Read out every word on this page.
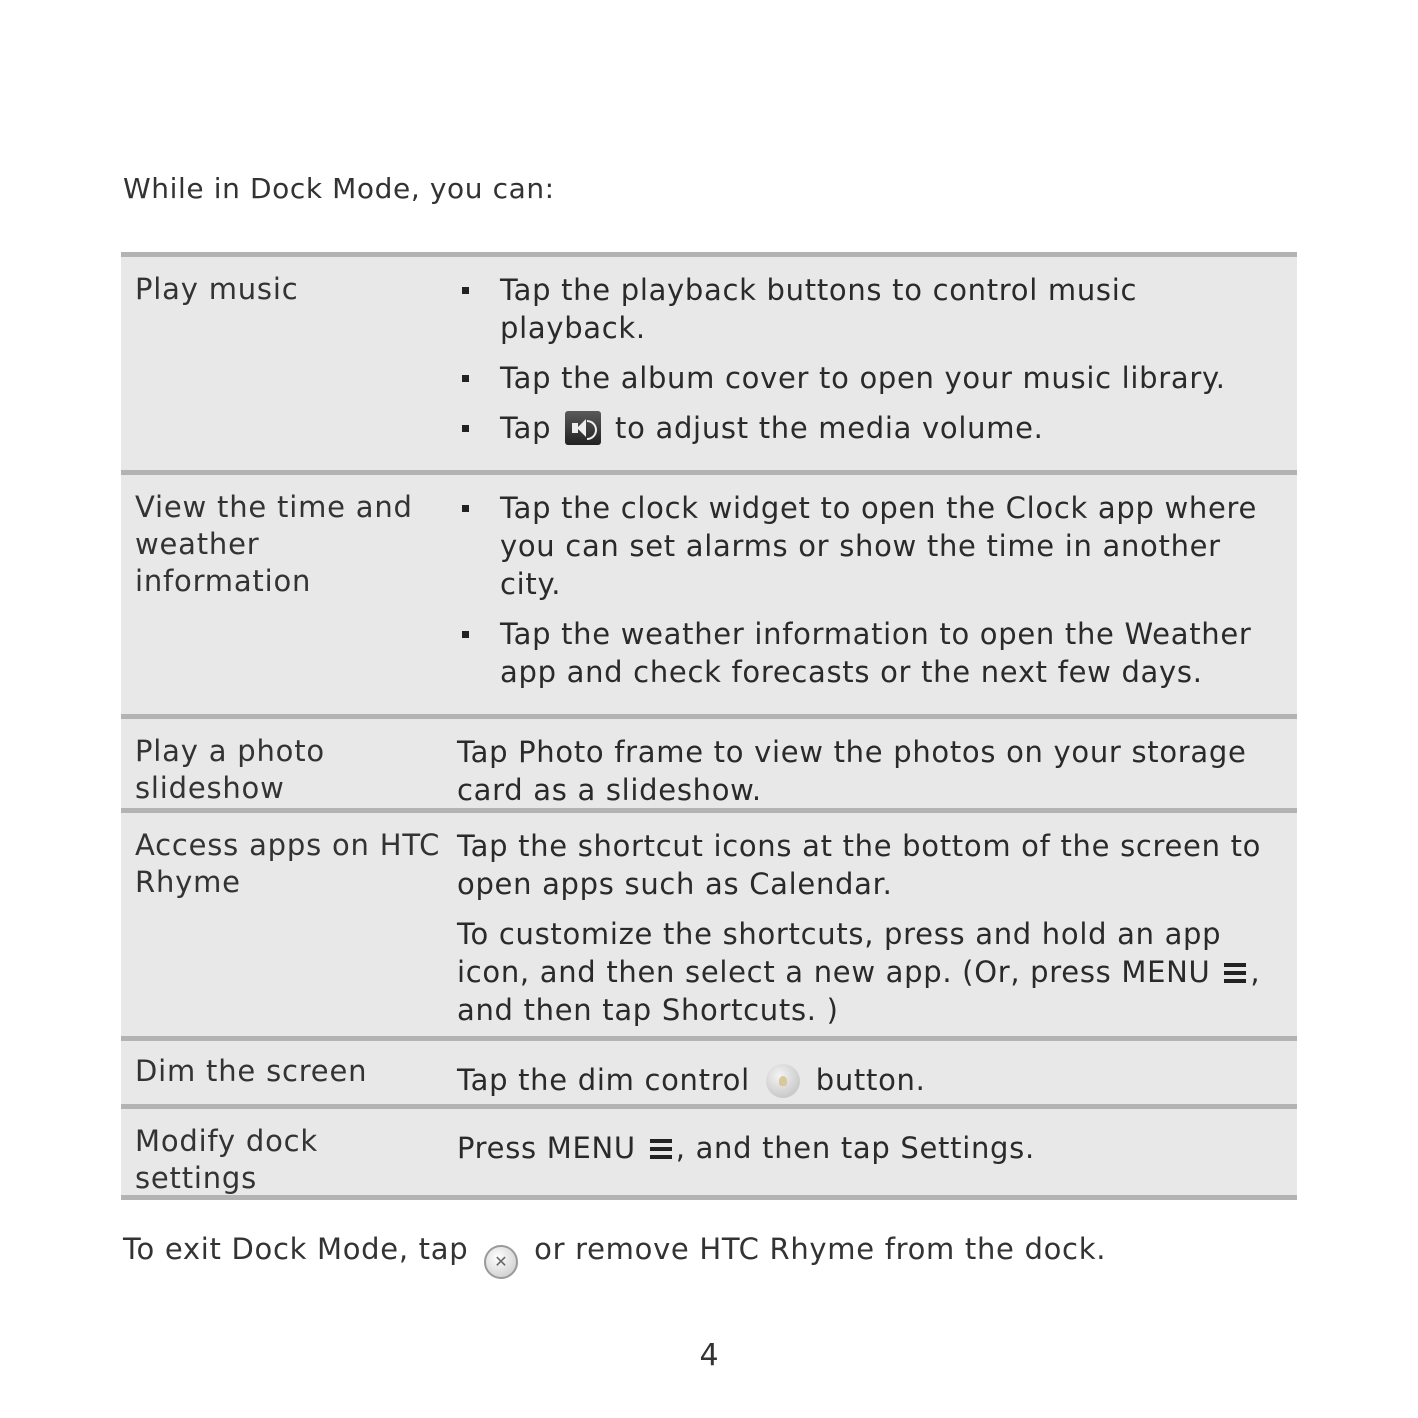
While in Dock Mode, you can:
Play music	Tap the playback buttons to control music playback.
Tap the album cover to open your music library.
Tap to adjust the media volume.
View the time and weather information
Tap the clock widget to open the Clock app where you can set alarms or show the time in another city.
Tap the weather information to open the Weather app and check forecasts or the next few days.
Play a photo slideshow
Tap Photo frame to view the photos on your storage card as a slideshow.
Access apps on HTC Rhyme
Tap the shortcut icons at the bottom of the screen to open apps such as Calendar.
To customize the shortcuts, press and hold an app icon, and then select a new app. (Or, press MENU , and then tap Shortcuts. )
Dim the screen	Tap the dim control button.
Modify dock settings
Press MENU , and then tap Settings.
To exit Dock Mode, tap ✕ or remove HTC Rhyme from the dock.
4
